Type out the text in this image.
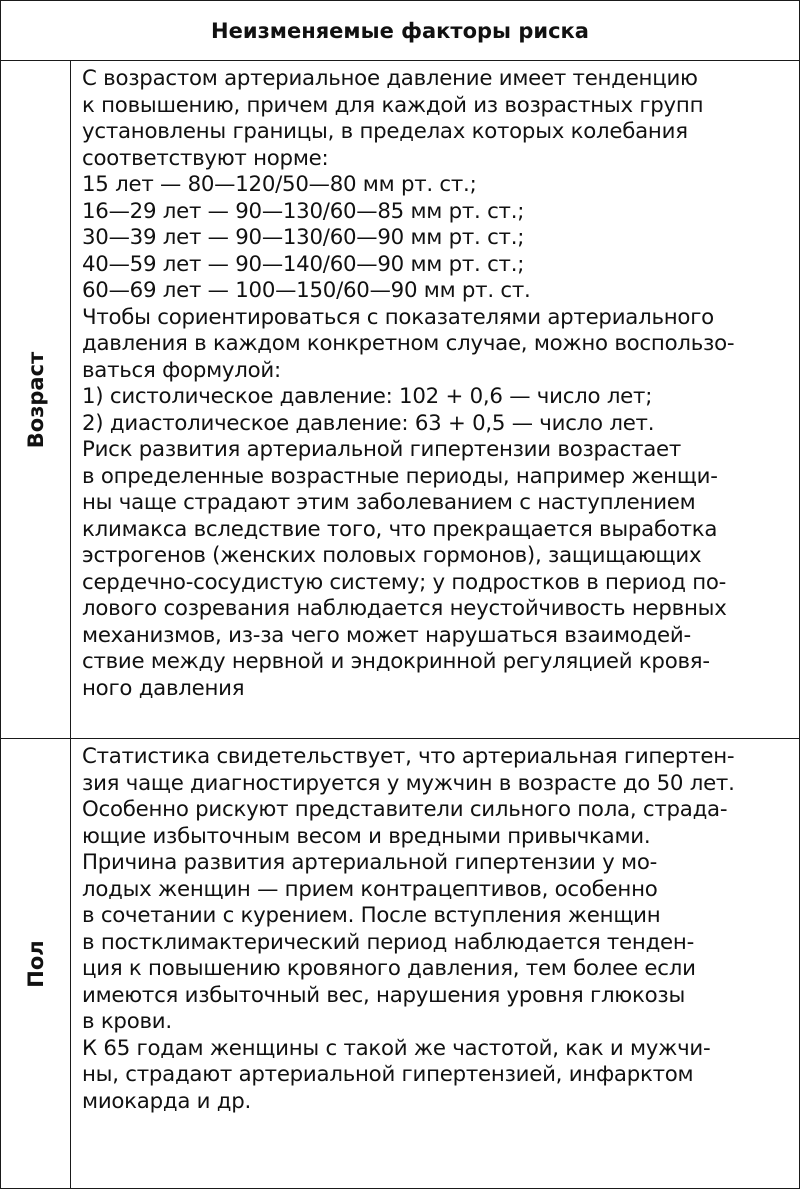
Неизменяемые факторы риска
Возраст
С возрастом артериальное давление имеет тенденцию
к повышению, причем для каждой из возрастных групп
установлены границы, в пределах которых колебания
соответствуют норме:
15 лет — 80—120/50—80 мм рт. ст.;
16—29 лет — 90—130/60—85 мм рт. ст.;
30—39 лет — 90—130/60—90 мм рт. ст.;
40—59 лет — 90—140/60—90 мм рт. ст.;
60—69 лет — 100—150/60—90 мм рт. ст.
Чтобы сориентироваться с показателями артериального
давления в каждом конкретном случае, можно воспользо-
ваться формулой:
1) систолическое давление: 102 + 0,6 — число лет;
2) диастолическое давление: 63 + 0,5 — число лет.
Риск развития артериальной гипертензии возрастает
в определенные возрастные периоды, например женщи-
ны чаще страдают этим заболеванием с наступлением
климакса вследствие того, что прекращается выработка
эстрогенов (женских половых гормонов), защищающих
сердечно-сосудистую систему; у подростков в период по-
лового созревания наблюдается неустойчивость нервных
механизмов, из-за чего может нарушаться взаимодей-
ствие между нервной и эндокринной регуляцией кровя-
ного давления
Пол
Статистика свидетельствует, что артериальная гипертен-
зия чаще диагностируется у мужчин в возрасте до 50 лет.
Особенно рискуют представители сильного пола, страда-
ющие избыточным весом и вредными привычками.
Причина развития артериальной гипертензии у мо-
лодых женщин — прием контрацептивов, особенно
в сочетании с курением. После вступления женщин
в постклимактерический период наблюдается тенден-
ция к повышению кровяного давления, тем более если
имеются избыточный вес, нарушения уровня глюкозы
в крови.
К 65 годам женщины с такой же частотой, как и мужчи-
ны, страдают артериальной гипертензией, инфарктом
миокарда и др.
